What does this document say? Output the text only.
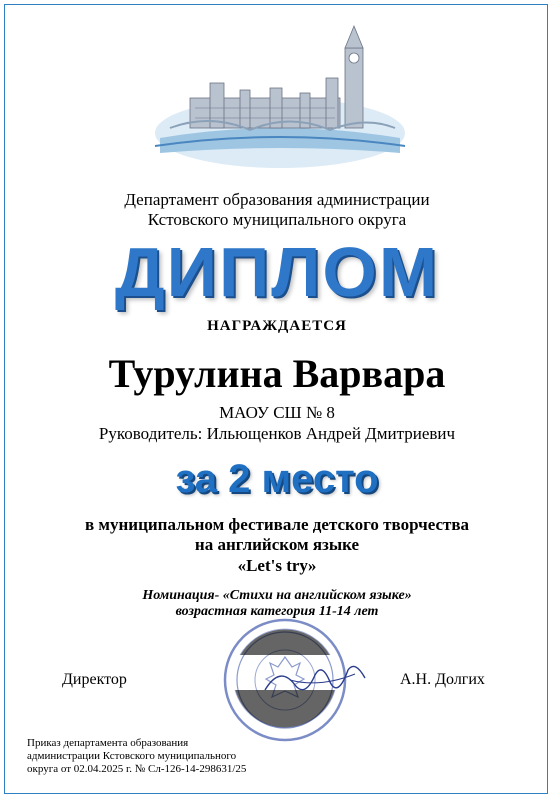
Департамент образования администрации
Кстовского муниципального округа
ДИПЛОМ
НАГРАЖДАЕТСЯ
Турулина Варвара
МАОУ СШ № 8
Руководитель: Ильющенков Андрей Дмитриевич
за 2 место
в муниципальном фестивале детского творчества
на английском языке
«Let's try»
Номинация- «Стихи на английском языке»
возрастная категория 11-14 лет
Директор	А.Н. Долгих
Приказ департамента образования
администрации Кстовского муниципального
округа от 02.04.2025 г. № Сл-126-14-298631/25
